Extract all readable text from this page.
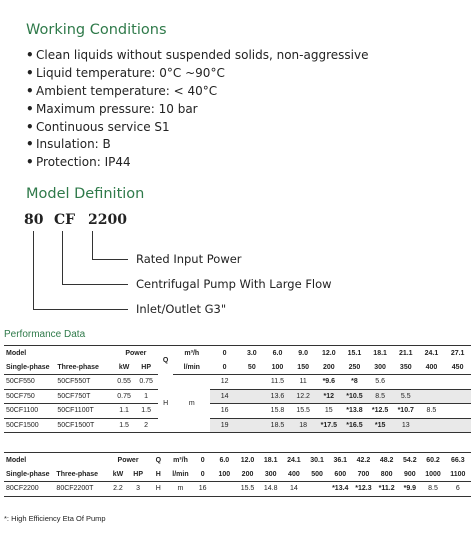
Working Conditions
• Clean liquids without suspended solids, non-aggressive
• Liquid temperature: 0°C ~90°C
• Ambient temperature: < 40°C
• Maximum pressure: 10 bar
• Continuous service S1
• Insulation: B
• Protection: IP44
Model Definition
80 CF 2200
Rated Input Power
Centrifugal Pump With Large Flow
Inlet/Outlet G3"
Performance Data
Model		Power		Q	m³/h	0	3.0	6.0	9.0	12.0	15.1	18.1	21.1	24.1	27.1
Single-phase	Three-phase	kW	HP		l/min	0	50	100	150	200	250	300	350	400	450
50CF550	50CF550T	0.55	0.75	H	m	12		11.5	11	*9.6	*8	5.6			
50CF750	50CF750T	0.75	1			14		13.6	12.2	*12	*10.5	8.5	5.5		
50CF1100	50CF1100T	1.1	1.5			16		15.8	15.5	15	*13.8	*12.5	*10.7	8.5	
50CF1500	50CF1500T	1.5	2			19		18.5	18	*17.5	*16.5	*15	13		
Model		Power		Q	m³/h	0	6.0	12.0	18.1	24.1	30.1	36.1	42.2	48.2	54.2	60.2	66.3
Single-phase	Three-phase	kW	HP	H	l/min	0	100	200	300	400	500	600	700	800	900	1000	1100
80CF2200	80CF2200T	2.2	3	H	m	16		15.5	14.8	14		*13.4	*12.3	*11.2	*9.9	8.5	6
*: High Efficiency Eta Of Pump
